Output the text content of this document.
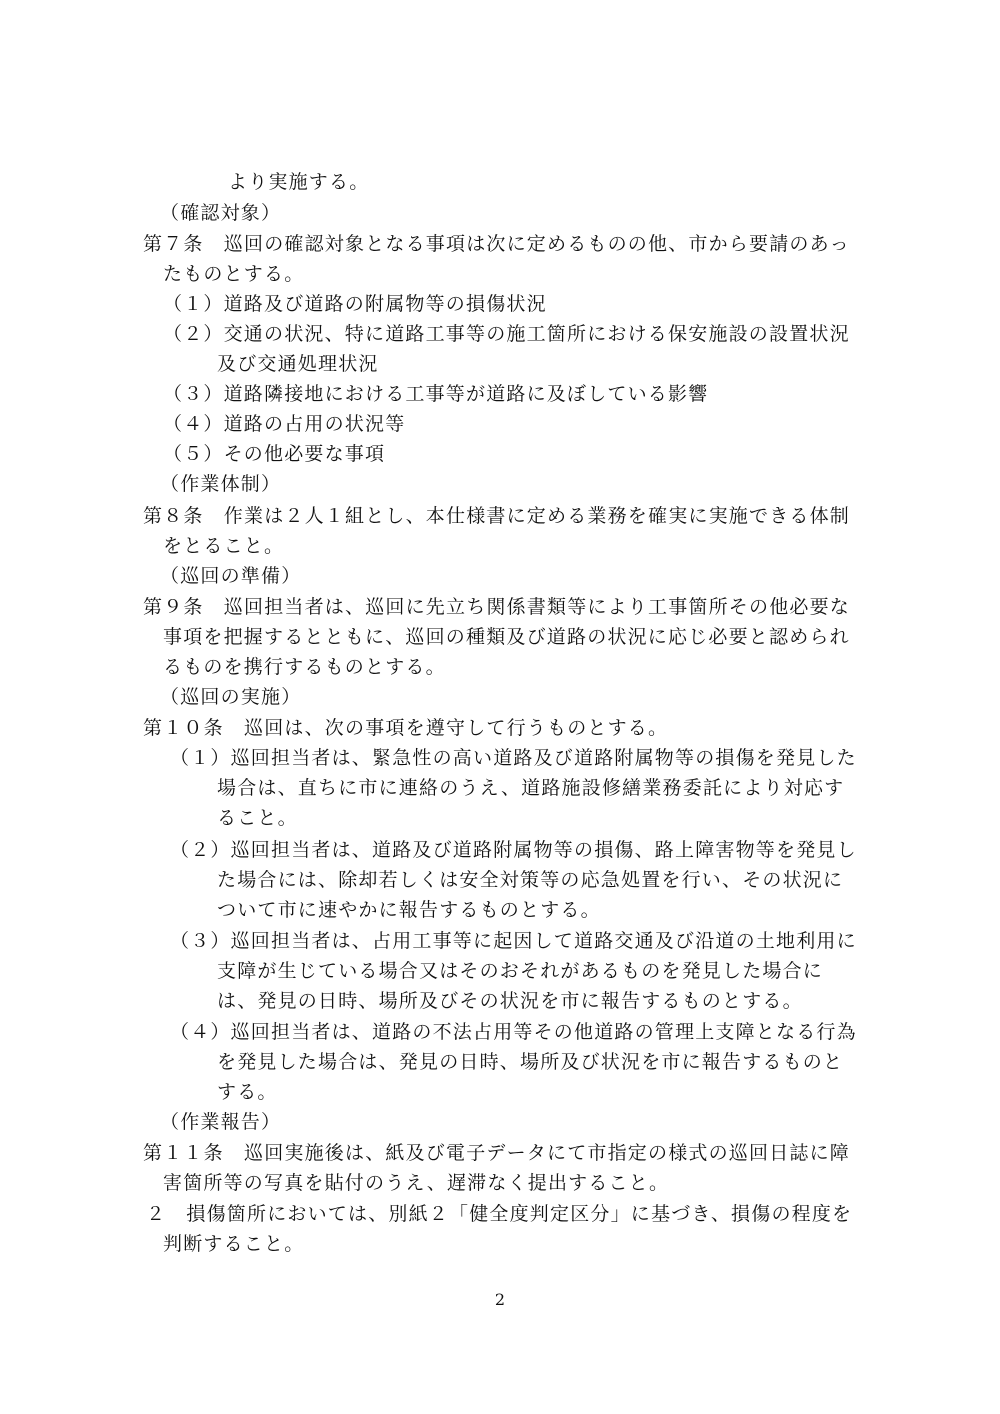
より実施する。
（確認対象）
第７条　巡回の確認対象となる事項は次に定めるものの他、市から要請のあっ
たものとする。
（１）道路及び道路の附属物等の損傷状況
（２）交通の状況、特に道路工事等の施工箇所における保安施設の設置状況
及び交通処理状況
（３）道路隣接地における工事等が道路に及ぼしている影響
（４）道路の占用の状況等
（５）その他必要な事項
（作業体制）
第８条　作業は２人１組とし、本仕様書に定める業務を確実に実施できる体制
をとること。
（巡回の準備）
第９条　巡回担当者は、巡回に先立ち関係書類等により工事箇所その他必要な
事項を把握するとともに、巡回の種類及び道路の状況に応じ必要と認められ
るものを携行するものとする。
（巡回の実施）
第１０条　巡回は、次の事項を遵守して行うものとする。
（１）巡回担当者は、緊急性の高い道路及び道路附属物等の損傷を発見した
場合は、直ちに市に連絡のうえ、道路施設修繕業務委託により対応す
ること。
（２）巡回担当者は、道路及び道路附属物等の損傷、路上障害物等を発見し
た場合には、除却若しくは安全対策等の応急処置を行い、その状況に
ついて市に速やかに報告するものとする。
（３）巡回担当者は、占用工事等に起因して道路交通及び沿道の土地利用に
支障が生じている場合又はそのおそれがあるものを発見した場合に
は、発見の日時、場所及びその状況を市に報告するものとする。
（４）巡回担当者は、道路の不法占用等その他道路の管理上支障となる行為
を発見した場合は、発見の日時、場所及び状況を市に報告するものと
する。
（作業報告）
第１１条　巡回実施後は、紙及び電子データにて市指定の様式の巡回日誌に障
害箇所等の写真を貼付のうえ、遅滞なく提出すること。
２　損傷箇所においては、別紙２「健全度判定区分」に基づき、損傷の程度を
判断すること。
2
